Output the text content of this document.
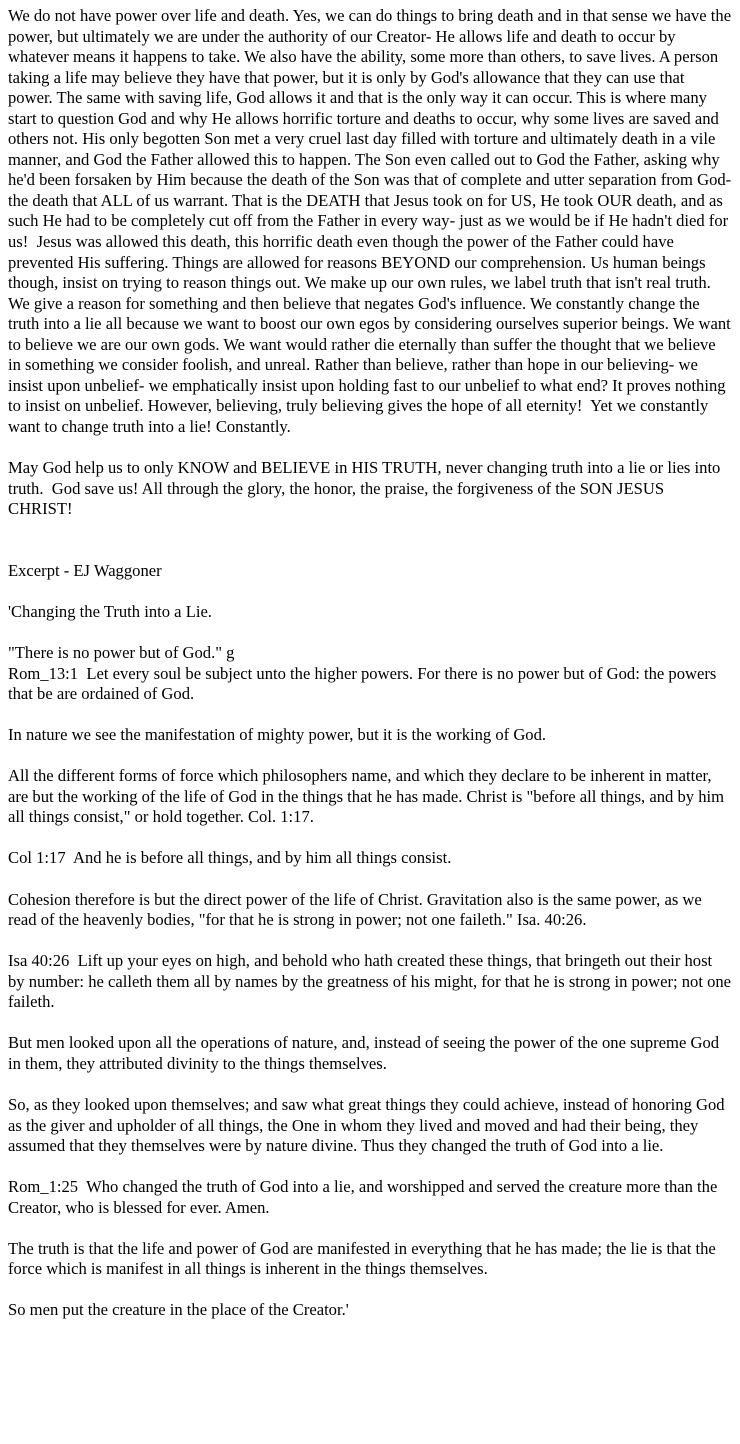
We do not have power over life and death. Yes, we can do things to bring death and in that sense we have the power, but ultimately we are under the authority of our Creator- He allows life and death to occur by whatever means it happens to take. We also have the ability, some more than others, to save lives. A person taking a life may believe they have that power, but it is only by God's allowance that they can use that power. The same with saving life, God allows it and that is the only way it can occur. This is where many start to question God and why He allows horrific torture and deaths to occur, why some lives are saved and others not. His only begotten Son met a very cruel last day filled with torture and ultimately death in a vile manner, and God the Father allowed this to happen. The Son even called out to God the Father, asking why he'd been forsaken by Him because the death of the Son was that of complete and utter separation from God- the death that ALL of us warrant. That is the DEATH that Jesus took on for US, He took OUR death, and as such He had to be completely cut off from the Father in every way- just as we would be if He hadn't died for us!  Jesus was allowed this death, this horrific death even though the power of the Father could have prevented His suffering. Things are allowed for reasons BEYOND our comprehension. Us human beings though, insist on trying to reason things out. We make up our own rules, we label truth that isn't real truth. We give a reason for something and then believe that negates God's influence. We constantly change the truth into a lie all because we want to boost our own egos by considering ourselves superior beings. We want to believe we are our own gods. We want would rather die eternally than suffer the thought that we believe in something we consider foolish, and unreal. Rather than believe, rather than hope in our believing- we insist upon unbelief- we emphatically insist upon holding fast to our unbelief to what end? It proves nothing to insist on unbelief. However, believing, truly believing gives the hope of all eternity!  Yet we constantly want to change truth into a lie! Constantly.

May God help us to only KNOW and BELIEVE in HIS TRUTH, never changing truth into a lie or lies into truth.  God save us! All through the glory, the honor, the praise, the forgiveness of the SON JESUS CHRIST!

Excerpt - EJ Waggoner

'Changing the Truth into a Lie.

"There is no power but of God." g

Rom_13:1  Let every soul be subject unto the higher powers. For there is no power but of God: the powers that be are ordained of God.

In nature we see the manifestation of mighty power, but it is the working of God.

All the different forms of force which philosophers name, and which they declare to be inherent in matter, are but the working of the life of God in the things that he has made. Christ is "before all things, and by him all things consist," or hold together. Col. 1:17.

Col 1:17  And he is before all things, and by him all things consist.

Cohesion therefore is but the direct power of the life of Christ. Gravitation also is the same power, as we read of the heavenly bodies, "for that he is strong in power; not one faileth." Isa. 40:26.

Isa 40:26  Lift up your eyes on high, and behold who hath created these things, that bringeth out their host by number: he calleth them all by names by the greatness of his might, for that he is strong in power; not one faileth.

But men looked upon all the operations of nature, and, instead of seeing the power of the one supreme God in them, they attributed divinity to the things themselves.

So, as they looked upon themselves; and saw what great things they could achieve, instead of honoring God as the giver and upholder of all things, the One in whom they lived and moved and had their being, they assumed that they themselves were by nature divine. Thus they changed the truth of God into a lie.

Rom_1:25  Who changed the truth of God into a lie, and worshipped and served the creature more than the Creator, who is blessed for ever. Amen.

The truth is that the life and power of God are manifested in everything that he has made; the lie is that the force which is manifest in all things is inherent in the things themselves.

So men put the creature in the place of the Creator.'
